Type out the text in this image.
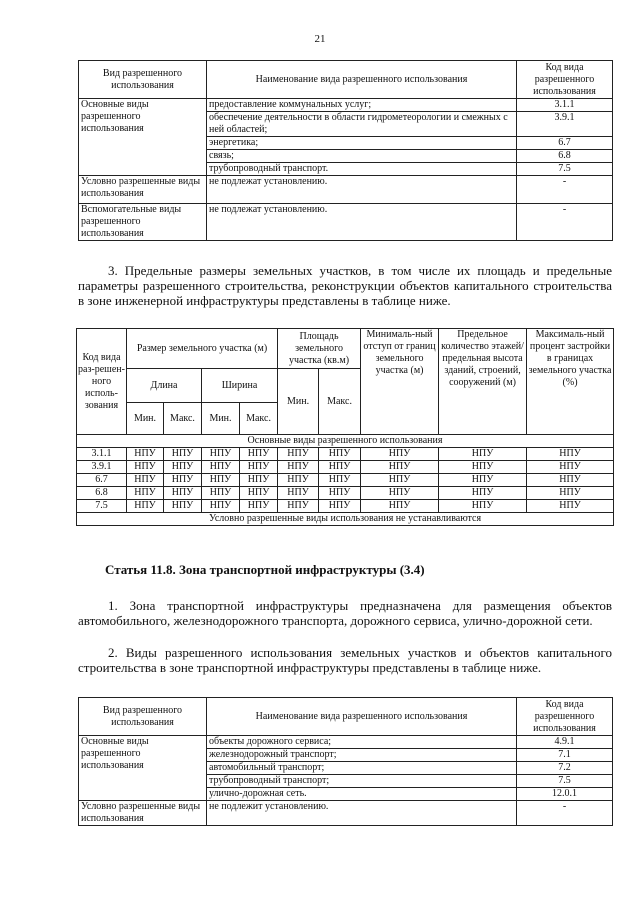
21
Вид разрешенного использования	Наименование вида разрешенного использования	Код вида разрешенного использования
Основные виды разрешенного использования	предоставление коммунальных услуг;	3.1.1
	обеспечение деятельности в области гидрометеорологии и смежных с ней областей;	3.9.1
	энергетика;	6.7
	связь;	6.8
	трубопроводный транспорт.	7.5
Условно разрешенные виды использования	не подлежат установлению.	-
Вспомогательные виды разрешенного использования	не подлежат установлению.	-

3. Предельные размеры земельных участков, в том числе их площадь и предельные параметры разрешенного строительства, реконструкции объектов капитального строительства в зоне инженерной инфраструктуры представлены в таблице ниже.

Код вида раз-решен-ного исполь-зования	Размер земельного участка (м)				Площадь земельного участка (кв.м)		Минималь-ный отступ от границ земельного участка (м)	Предельное количество этажей/ предельная высота зданий, строений, сооружений (м)	Максималь-ный процент застройки в границах земельного участка (%)
	Длина		Ширина		Мин.	Макс.			
	Мин.	Макс.	Мин.	Макс.					
Основные виды разрешенного использования									
3.1.1	НПУ	НПУ	НПУ	НПУ	НПУ	НПУ	НПУ	НПУ	НПУ
3.9.1	НПУ	НПУ	НПУ	НПУ	НПУ	НПУ	НПУ	НПУ	НПУ
6.7	НПУ	НПУ	НПУ	НПУ	НПУ	НПУ	НПУ	НПУ	НПУ
6.8	НПУ	НПУ	НПУ	НПУ	НПУ	НПУ	НПУ	НПУ	НПУ
7.5	НПУ	НПУ	НПУ	НПУ	НПУ	НПУ	НПУ	НПУ	НПУ
Условно разрешенные виды использования не устанавливаются									
Статья 11.8. Зона транспортной инфраструктуры (3.4)

1. Зона транспортной инфраструктуры предназначена для размещения объектов автомобильного, железнодорожного транспорта, дорожного сервиса, улично-дорожной сети.

2. Виды разрешенного использования земельных участков и объектов капитального строительства в зоне транспортной инфраструктуры представлены в таблице ниже.

Вид разрешенного использования	Наименование вида разрешенного использования	Код вида разрешенного использования
Основные виды разрешенного использования	объекты дорожного сервиса;	4.9.1
	железнодорожный транспорт;	7.1
	автомобильный транспорт;	7.2
	трубопроводный транспорт;	7.5
	улично-дорожная сеть.	12.0.1
Условно разрешенные виды использования	не подлежит установлению.	-
